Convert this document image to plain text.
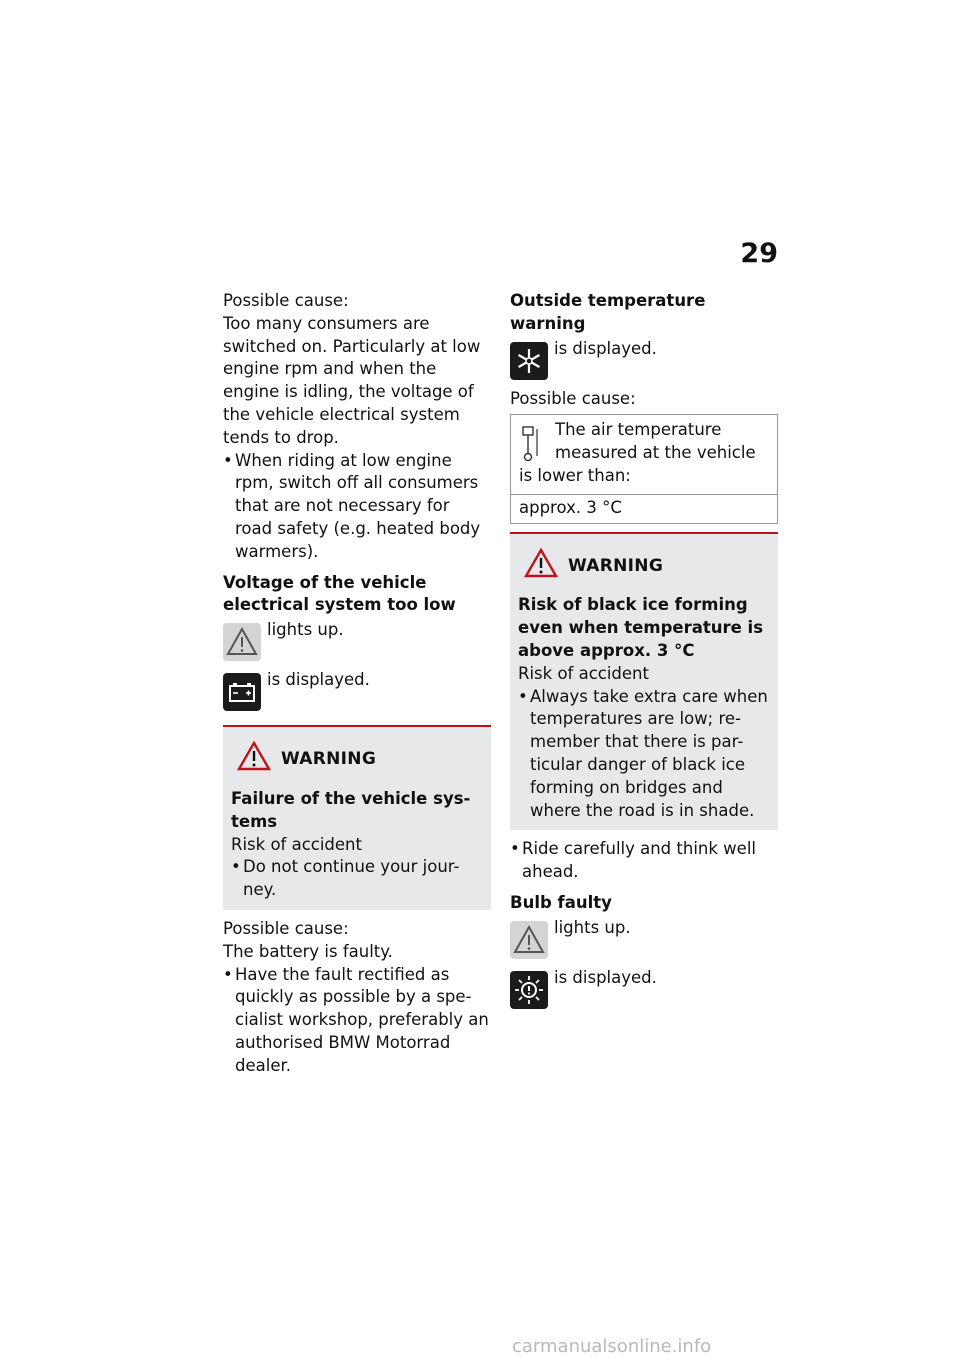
29

Possible cause:

Too many consumers are switched on. Particularly at low engine rpm and when the engine is idling, the voltage of the vehicle electrical system tends to drop.

• When riding at low engine rpm, switch off all consumers that are not necessary for road safety (e.g. heated body warmers).

Voltage of the vehicle electrical system too low

lights up.
is displayed.
WARNING

Failure of the vehicle sys-tems

Risk of accident

• Do not continue your jour-ney.

Possible cause:

The battery is faulty.

• Have the fault rectified as quickly as possible by a spe-cialist workshop, preferably an authorised BMW Motorrad dealer.

Outside temperature warning

is displayed.

Possible cause:

The air temperature
measured at the vehicle
is lower than:
approx. 3 °C
WARNING

Risk of black ice forming even when temperature is above approx. 3 °C

Risk of accident

• Always take extra care when temperatures are low; re-member that there is par-ticular danger of black ice forming on bridges and where the road is in shade.

• Ride carefully and think well ahead.

Bulb faulty

lights up.
is displayed.
carmanualsonline.info
